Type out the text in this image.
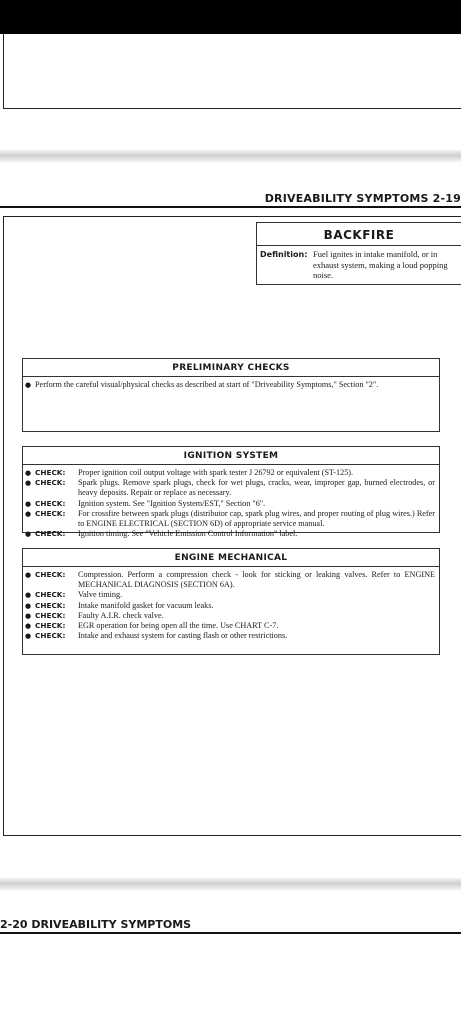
DRIVEABILITY SYMPTOMS 2-19
BACKFIRE
Definition: Fuel ignites in intake manifold, or in exhaust system, making a loud popping noise.
PRELIMINARY CHECKS
● Perform the careful visual/physical checks as described at start of "Driveability Symptoms," Section "2".
IGNITION SYSTEM
● CHECK:	Proper ignition coil output voltage with spark tester J 26792 or equivalent (ST-125).
● CHECK:	Spark plugs. Remove spark plugs, check for wet plugs, cracks, wear, improper gap, burned electrodes, or heavy deposits. Repair or replace as necessary.
● CHECK:	Ignition system. See "Ignition System/EST," Section "6".
● CHECK:	For crossfire between spark plugs (distributor cap, spark plug wires, and proper routing of plug wires.) Refer to ENGINE ELECTRICAL (SECTION 6D) of appropriate service manual.
● CHECK:	Ignition timing. See "Vehicle Emission Control Information" label.
ENGINE MECHANICAL
● CHECK:	Compression. Perform a compression check - look for sticking or leaking valves. Refer to ENGINE MECHANICAL DIAGNOSIS (SECTION 6A).
● CHECK:	Valve timing.
● CHECK:	Intake manifold gasket for vacuum leaks.
● CHECK:	Faulty A.I.R. check valve.
● CHECK:	EGR operation for being open all the time. Use CHART C-7.
● CHECK:	Intake and exhaust system for casting flash or other restrictions.
2-20 DRIVEABILITY SYMPTOMS
